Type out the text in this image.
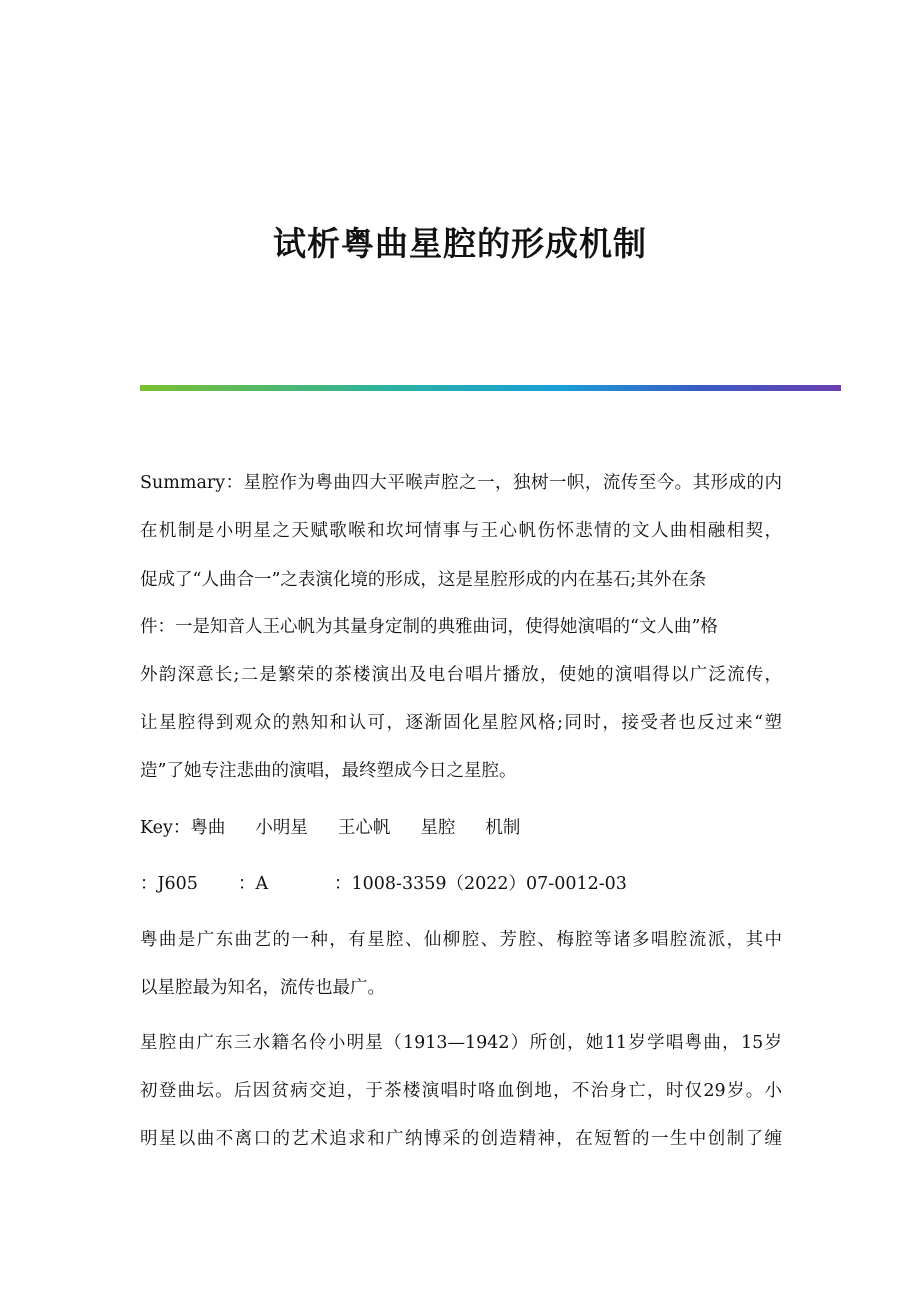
试析粤曲星腔的形成机制
Summary：星腔作为粤曲四大平喉声腔之一，独树一帜，流传至今。其形成的内
在机制是小明星之天赋歌喉和坎坷情事与王心帆伤怀悲情的文人曲相融相契，
促成了“人曲合一”之表演化境的形成，这是星腔形成的内在基石;其外在条
件：一是知音人王心帆为其量身定制的典雅曲词，使得她演唱的“文人曲”格
外韵深意长;二是繁荣的茶楼演出及电台唱片播放，使她的演唱得以广泛流传，
让星腔得到观众的熟知和认可，逐渐固化星腔风格;同时，接受者也反过来“塑
造”了她专注悲曲的演唱，最终塑成今日之星腔。
Key：粤曲 小明星 王心帆 星腔 机制
：J605 ：A	：1008-3359（2022）07-0012-03
粤曲是广东曲艺的一种，有星腔、仙柳腔、芳腔、梅腔等诸多唱腔流派，其中
以星腔最为知名，流传也最广。
星腔由广东三水籍名伶小明星（1913—1942）所创，她11岁学唱粤曲，15岁
初登曲坛。后因贫病交迫，于茶楼演唱时咯血倒地，不治身亡，时仅29岁。小
明星以曲不离口的艺术追求和广纳博采的创造精神，在短暂的一生中创制了缠
